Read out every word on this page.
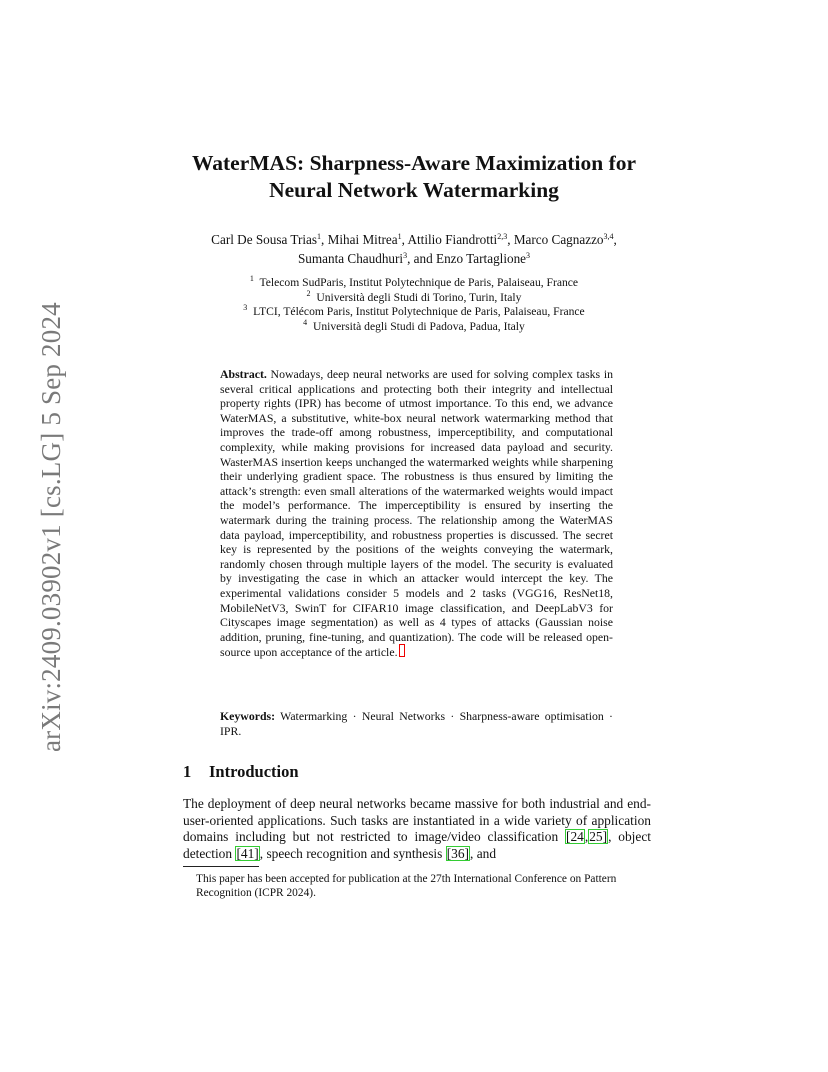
arXiv:2409.03902v1 [cs.LG] 5 Sep 2024
WaterMAS: Sharpness-Aware Maximization for
Neural Network Watermarking
Carl De Sousa Trias$^1$, Mihai Mitrea$^1$, Attilio Fiandrotti$^{2,3}$, Marco Cagnazzo$^{3,4}$,
Sumanta Chaudhuri$^3$, and Enzo Tartaglione$^3$
$^1$ Telecom SudParis, Institut Polytechnique de Paris, Palaiseau, France
$^2$ Università degli Studi di Torino, Turin, Italy
$^3$ LTCI, Télécom Paris, Institut Polytechnique de Paris, Palaiseau, France
$^4$ Università degli Studi di Padova, Padua, Italy
Abstract. Nowadays, deep neural networks are used for solving complex tasks in several critical applications and protecting both their integrity and intellectual property rights (IPR) has become of utmost importance. To this end, we advance WaterMAS, a substitutive, white-box neural network watermarking method that improves the trade-off among robustness, imperceptibility, and computational complexity, while making provisions for increased data payload and security. WasterMAS insertion keeps unchanged the watermarked weights while sharpening their underlying gradient space. The robustness is thus ensured by limiting the attack’s strength: even small alterations of the watermarked weights would impact the model’s performance. The imperceptibility is ensured by inserting the watermark during the training process. The relationship among the WaterMAS data payload, imperceptibility, and robustness properties is discussed. The secret key is represented by the positions of the weights conveying the watermark, randomly chosen through multiple layers of the model. The security is evaluated by investigating the case in which an attacker would intercept the key. The experimental validations consider 5 models and 2 tasks (VGG16, ResNet18, MobileNetV3, SwinT for CIFAR10 image classification, and DeepLabV3 for Cityscapes image segmentation) as well as 4 types of attacks (Gaussian noise addition, pruning, fine-tuning, and quantization). The code will be released open-source upon acceptance of the article.
Keywords: Watermarking · Neural Networks · Sharpness-aware optimisation · IPR.
1 Introduction
The deployment of deep neural networks became massive for both industrial and end-user-oriented applications. Such tasks are instantiated in a wide variety of application domains including but not restricted to image/video classification [24,25], object detection [41], speech recognition and synthesis [36], and
This paper has been accepted for publication at the 27th International Conference on Pattern Recognition (ICPR 2024).
